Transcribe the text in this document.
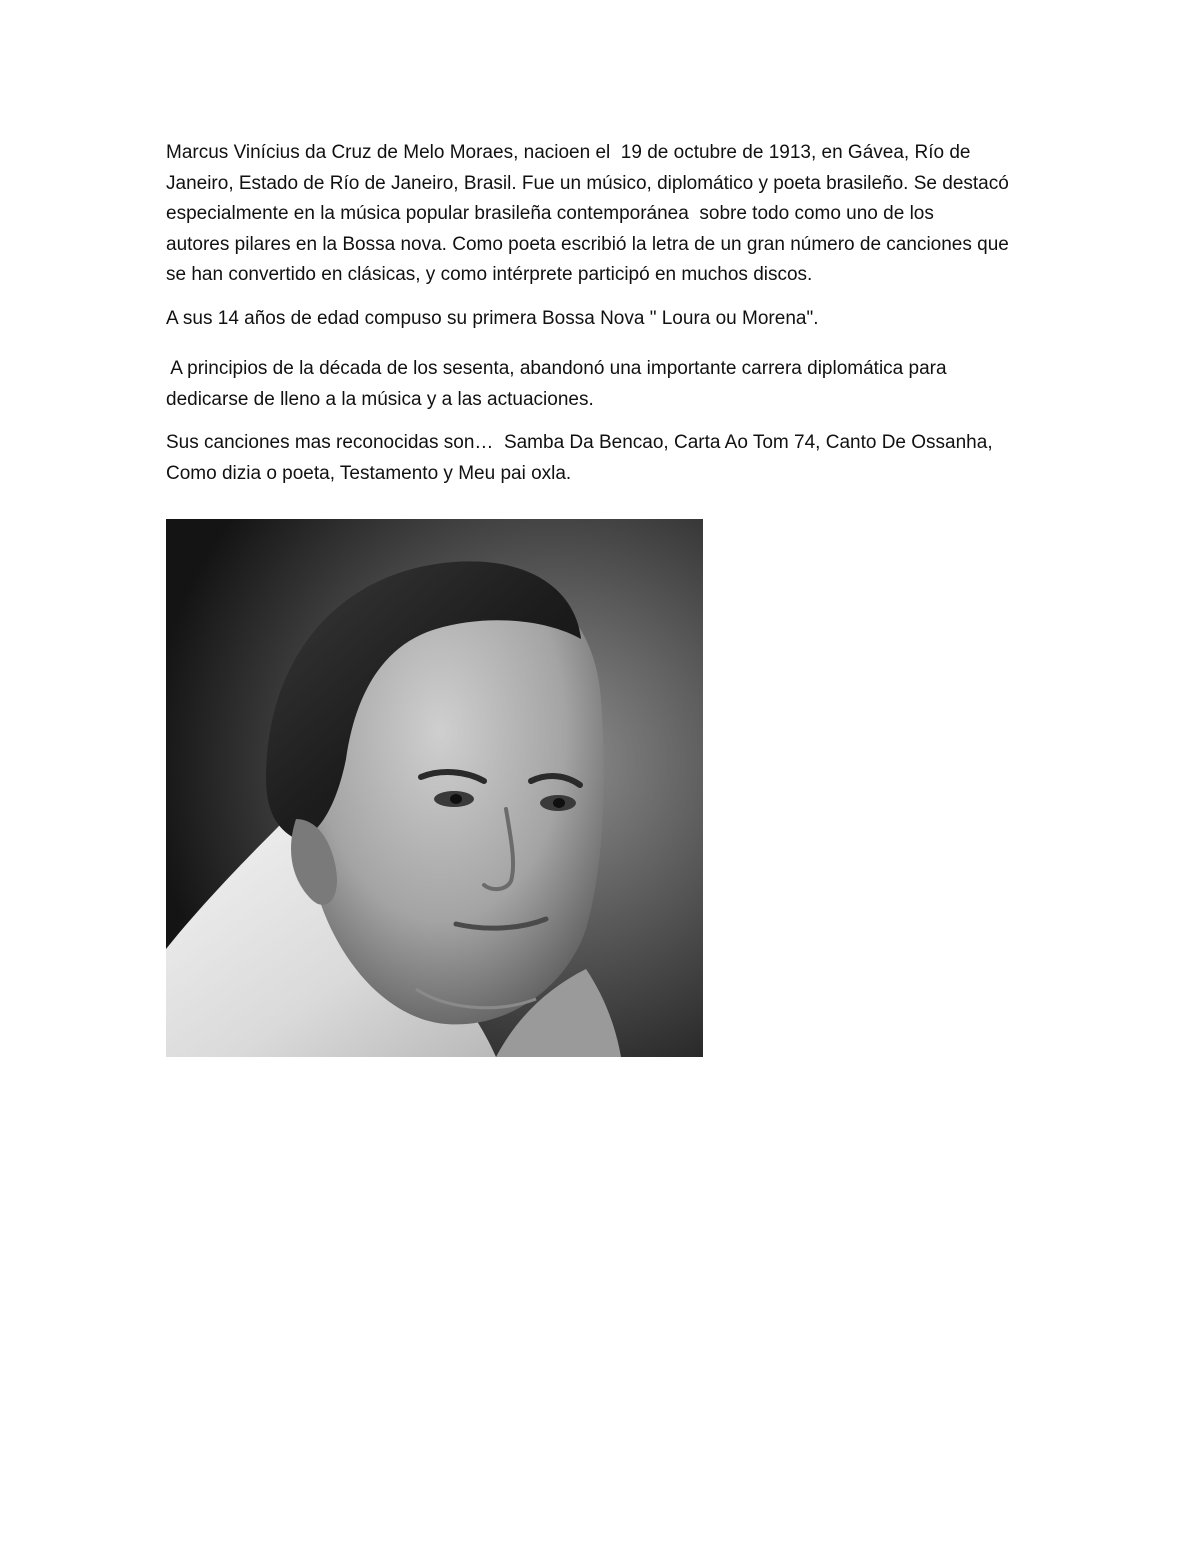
Marcus Vinícius da Cruz de Melo Moraes, nacioen el  19 de octubre de 1913, en Gávea, Río de
Janeiro, Estado de Río de Janeiro, Brasil. Fue un músico, diplomático y poeta brasileño. Se destacó
especialmente en la música popular brasileña contemporánea  sobre todo como uno de los
autores pilares en la Bossa nova. Como poeta escribió la letra de un gran número de canciones que
se han convertido en clásicas, y como intérprete participó en muchos discos.

A sus 14 años de edad compuso su primera Bossa Nova " Loura ou Morena".

A principios de la década de los sesenta, abandonó una importante carrera diplomática para
dedicarse de lleno a la música y a las actuaciones.

Sus canciones mas reconocidas son…  Samba Da Bencao, Carta Ao Tom 74, Canto De Ossanha,
Como dizia o poeta, Testamento y Meu pai oxla.
